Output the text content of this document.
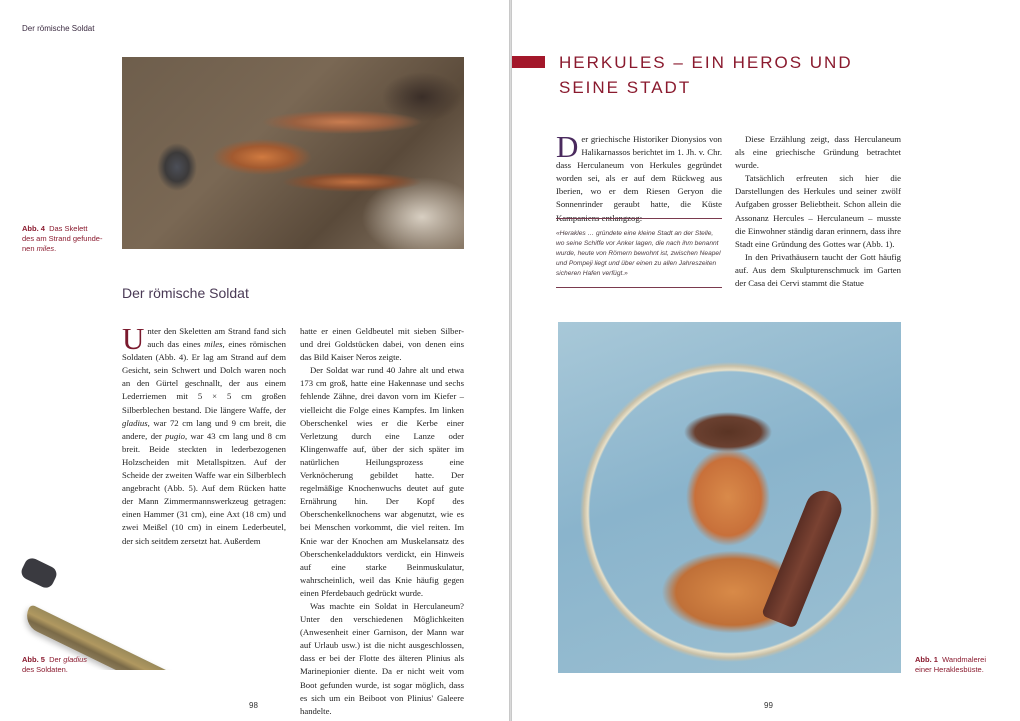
Der römische Soldat
Abb. 4 Das Skelett
des am Strand gefunde-nen miles.
Der römische Soldat

Unter den Skeletten am Strand fand sich auch das eines miles, eines römischen Soldaten (Abb. 4). Er lag am Strand auf dem Gesicht, sein Schwert und Dolch waren noch an den Gürtel geschnallt, der aus einem Lederriemen mit 5 × 5 cm großen Silberblechen bestand. Die längere Waffe, der gladius, war 72 cm lang und 9 cm breit, die andere, der pugio, war 43 cm lang und 8 cm breit. Beide steckten in lederbezogenen Holzscheiden mit Metallspitzen. Auf der Scheide der zweiten Waffe war ein Silberblech angebracht (Abb. 5). Auf dem Rücken hatte der Mann Zimmermannswerkzeug getragen: einen Hammer (31 cm), eine Axt (18 cm) und zwei Meißel (10 cm) in einem Lederbeutel, der sich seitdem zersetzt hat. Außerdem

hatte er einen Geldbeutel mit sieben Silber- und drei Goldstücken dabei, von denen eins das Bild Kaiser Neros zeigte.

Der Soldat war rund 40 Jahre alt und etwa 173 cm groß, hatte eine Hakennase und sechs fehlende Zähne, drei davon vorn im Kiefer – vielleicht die Folge eines Kampfes. Im linken Oberschenkel wies er die Kerbe einer Verletzung durch eine Lanze oder Klingenwaffe auf, über der sich später im natürlichen Heilungsprozess eine Verknöcherung gebildet hatte. Der regelmäßige Knochenwuchs deutet auf gute Ernährung hin. Der Kopf des Oberschenkelknochens war abgenutzt, wie es bei Menschen vorkommt, die viel reiten. Im Knie war der Knochen am Muskelansatz des Oberschenkeladduktors verdickt, ein Hinweis auf eine starke Beinmuskulatur, wahrscheinlich, weil das Knie häufig gegen einen Pferdebauch gedrückt wurde.

Was machte ein Soldat in Herculaneum? Unter den verschiedenen Möglichkeiten (Anwesenheit einer Garnison, der Mann war auf Urlaub usw.) ist die nicht ausgeschlossen, dass er bei der Flotte des älteren Plinius als Marinepionier diente. Da er nicht weit vom Boot gefunden wurde, ist sogar möglich, dass es sich um ein Beiboot von Plinius' Galeere handelte.

Abb. 5 Der gladius
des Soldaten.
98
HERKULES – EIN HEROS UND
SEINE STADT

Der griechische Historiker Dionysios von Halikarnassos berichtet im 1. Jh. v. Chr. dass Herculaneum von Herkules gegründet worden sei, als er auf dem Rückweg aus Iberien, wo er dem Riesen Geryon die Sonnenrinder geraubt hatte, die Küste Kampaniens entlangzog:

«Herakles … gründete eine kleine Stadt an der Stelle, wo seine Schiffe vor Anker lagen, die nach ihm benannt wurde, heute von Römern bewohnt ist, zwischen Neapel und Pompeji liegt und über einen zu allen Jahreszeiten sicheren Hafen verfügt.»

Diese Erzählung zeigt, dass Herculaneum als eine griechische Gründung betrachtet wurde.

Tatsächlich erfreuten sich hier die Darstellungen des Herkules und seiner zwölf Aufgaben grosser Beliebtheit. Schon allein die Assonanz Hercules – Herculaneum – musste die Einwohner ständig daran erinnern, dass ihre Stadt eine Gründung des Gottes war (Abb. 1).

In den Privathäusern taucht der Gott häufig auf. Aus dem Skulpturenschmuck im Garten der Casa dei Cervi stammt die Statue

Abb. 1 Wandmalerei
einer Heraklesbüste.
99
